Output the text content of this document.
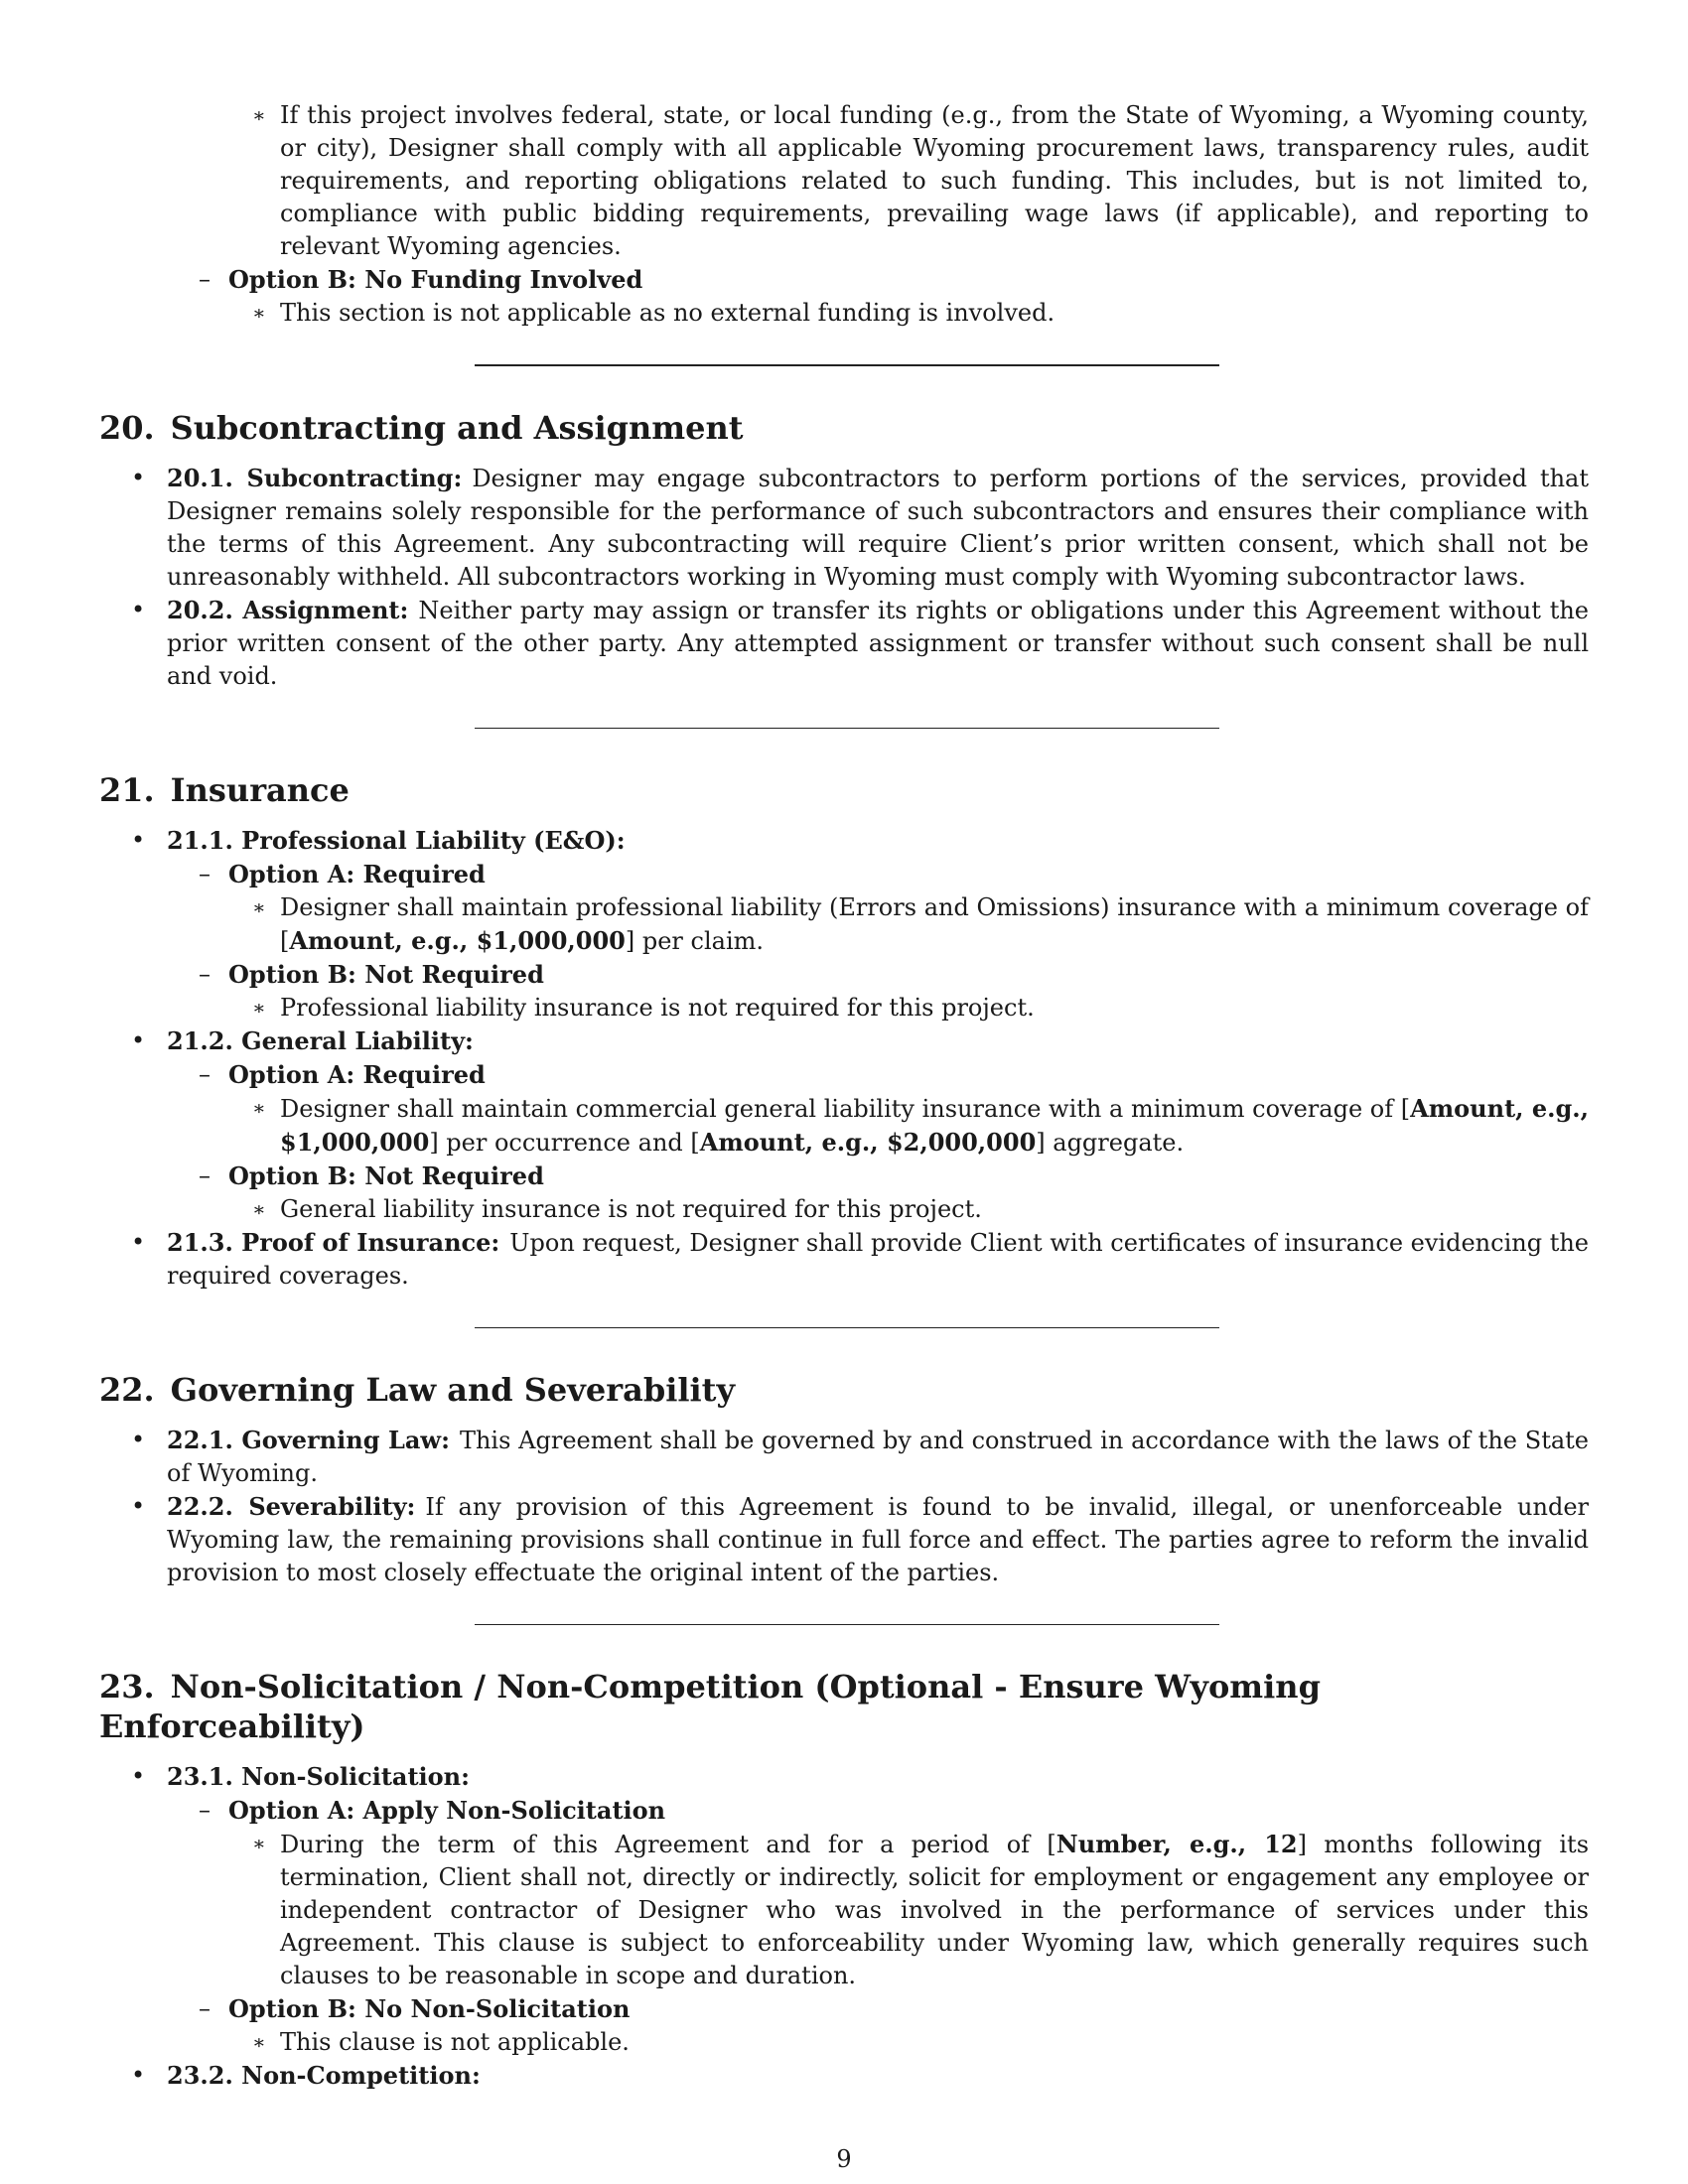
∗ If this project involves federal, state, or local funding (e.g., from the State of Wyoming, a Wyoming county, or city), Designer shall comply with all applicable Wyoming procurement laws, transparency rules, audit requirements, and reporting obligations related to such funding. This includes, but is not limited to, compliance with public bidding requirements, prevailing wage laws (if applicable), and reporting to relevant Wyoming agencies.
– Option B: No Funding Involved
∗ This section is not applicable as no external funding is involved.
20. Subcontracting and Assignment
• 20.1. Subcontracting: Designer may engage subcontractors to perform portions of the services, provided that Designer remains solely responsible for the performance of such subcontractors and ensures their compliance with the terms of this Agreement. Any subcontracting will require Client’s prior written consent, which shall not be unreasonably withheld. All subcontractors working in Wyoming must comply with Wyoming subcontractor laws.
• 20.2. Assignment: Neither party may assign or transfer its rights or obligations under this Agreement without the prior written consent of the other party. Any attempted assignment or transfer without such consent shall be null and void.
21. Insurance
• 21.1. Professional Liability (E&O):
– Option A: Required
∗ Designer shall maintain professional liability (Errors and Omissions) insurance with a minimum coverage of [Amount, e.g., $1,000,000] per claim.
– Option B: Not Required
∗ Professional liability insurance is not required for this project.
• 21.2. General Liability:
– Option A: Required
∗ Designer shall maintain commercial general liability insurance with a minimum coverage of [Amount, e.g., $1,000,000] per occurrence and [Amount, e.g., $2,000,000] aggregate.
– Option B: Not Required
∗ General liability insurance is not required for this project.
• 21.3. Proof of Insurance: Upon request, Designer shall provide Client with certificates of insurance evidencing the required coverages.
22. Governing Law and Severability
• 22.1. Governing Law: This Agreement shall be governed by and construed in accordance with the laws of the State of Wyoming.
• 22.2. Severability: If any provision of this Agreement is found to be invalid, illegal, or unenforceable under Wyoming law, the remaining provisions shall continue in full force and effect. The parties agree to reform the invalid provision to most closely effectuate the original intent of the parties.
23. Non-Solicitation / Non-Competition (Optional - Ensure Wyoming Enforceability)
• 23.1. Non-Solicitation:
– Option A: Apply Non-Solicitation
∗ During the term of this Agreement and for a period of [Number, e.g., 12] months following its termination, Client shall not, directly or indirectly, solicit for employment or engagement any employee or independent contractor of Designer who was involved in the performance of services under this Agreement. This clause is subject to enforceability under Wyoming law, which generally requires such clauses to be reasonable in scope and duration.
– Option B: No Non-Solicitation
∗ This clause is not applicable.
• 23.2. Non-Competition:
9
